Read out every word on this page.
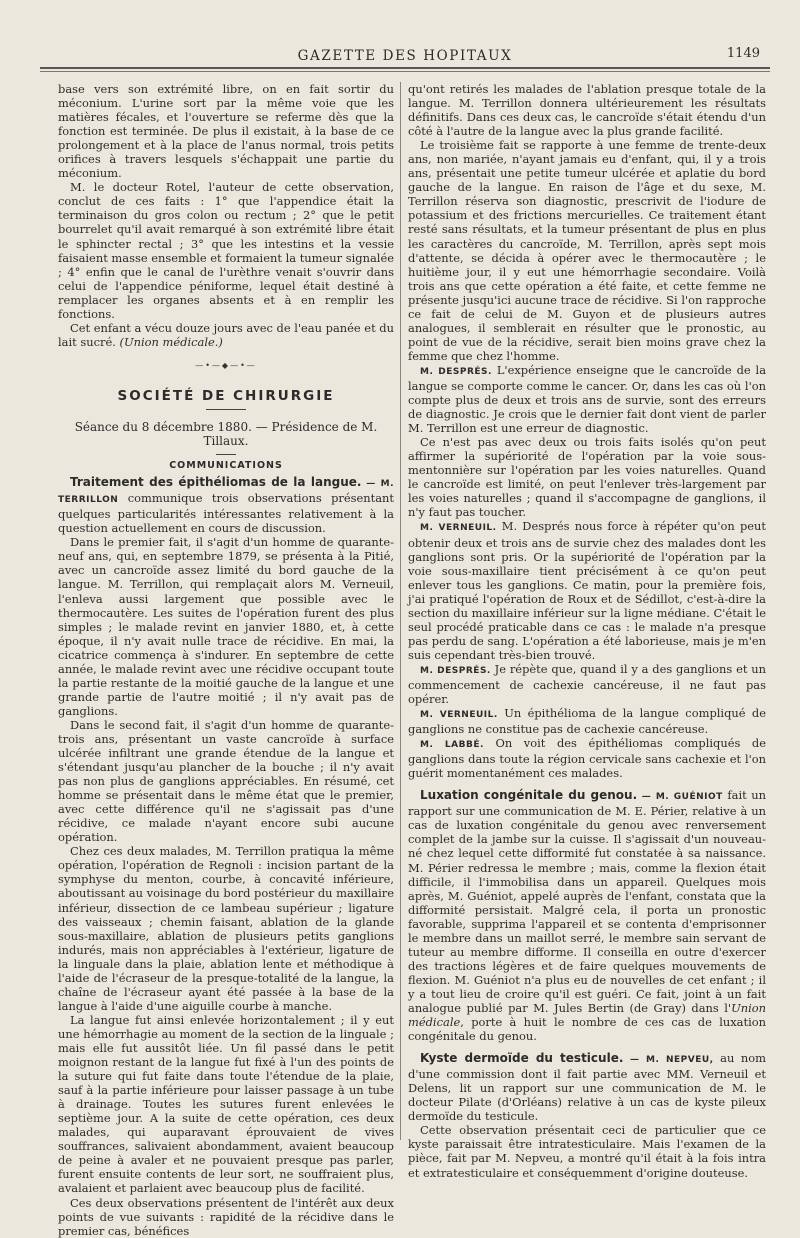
GAZETTE DES HOPITAUX	1149

base vers son extrémité libre, on en fait sortir du méconium. L'urine sort par la même voie que les matières fécales, et l'ouverture se referme dès que la fonction est terminée. De plus il existait, à la base de ce prolongement et à la place de l'anus normal, trois petits orifices à travers lesquels s'échappait une partie du méconium.

M. le docteur Rotel, l'auteur de cette observation, conclut de ces faits : 1° que l'appendice était la terminaison du gros colon ou rectum ; 2° que le petit bourrelet qu'il avait remarqué à son extrémité libre était le sphincter rectal ; 3° que les intestins et la vessie faisaient masse ensemble et formaient la tumeur signalée ; 4° enfin que le canal de l'urèthre venait s'ouvrir dans celui de l'appendice péniforme, lequel était destiné à remplacer les organes absents et à en remplir les fonctions.

Cet enfant a vécu douze jours avec de l'eau panée et du lait sucré. (Union médicale.)

—•—◆—•—
SOCIÉTÉ DE CHIRURGIE
Séance du 8 décembre 1880. — Présidence de M. Tillaux.
COMMUNICATIONS

Traitement des épithéliomas de la langue. — M. TERRILLON communique trois observations présentant quelques particularités intéressantes relativement à la question actuellement en cours de discussion.

Dans le premier fait, il s'agit d'un homme de quarante-neuf ans, qui, en septembre 1879, se présenta à la Pitié, avec un cancroïde assez limité du bord gauche de la langue. M. Terrillon, qui remplaçait alors M. Verneuil, l'enleva aussi largement que possible avec le thermocautère. Les suites de l'opération furent des plus simples ; le malade revint en janvier 1880, et, à cette époque, il n'y avait nulle trace de récidive. En mai, la cicatrice commença à s'indurer. En septembre de cette année, le malade revint avec une récidive occupant toute la partie restante de la moitié gauche de la langue et une grande partie de l'autre moitié ; il n'y avait pas de ganglions.

Dans le second fait, il s'agit d'un homme de quarante-trois ans, présentant un vaste cancroïde à surface ulcérée infiltrant une grande étendue de la langue et s'étendant jusqu'au plancher de la bouche ; il n'y avait pas non plus de ganglions appréciables. En résumé, cet homme se présentait dans le même état que le premier, avec cette différence qu'il ne s'agissait pas d'une récidive, ce malade n'ayant encore subi aucune opération.

Chez ces deux malades, M. Terrillon pratiqua la même opération, l'opération de Regnoli : incision partant de la symphyse du menton, courbe, à concavité inférieure, aboutissant au voisinage du bord postérieur du maxillaire inférieur, dissection de ce lambeau supérieur ; ligature des vaisseaux ; chemin faisant, ablation de la glande sous-maxillaire, ablation de plusieurs petits ganglions indurés, mais non appréciables à l'extérieur, ligature de la linguale dans la plaie, ablation lente et méthodique à l'aide de l'écraseur de la presque-totalité de la langue, la chaîne de l'écraseur ayant été passée à la base de la langue à l'aide d'une aiguille courbe à manche.

La langue fut ainsi enlevée horizontalement ; il y eut une hémorrhagie au moment de la section de la linguale ; mais elle fut aussitôt liée. Un fil passé dans le petit moignon restant de la langue fut fixé à l'un des points de la suture qui fut faite dans toute l'étendue de la plaie, sauf à la partie inférieure pour laisser passage à un tube à drainage. Toutes les sutures furent enlevées le septième jour. A la suite de cette opération, ces deux malades, qui auparavant éprouvaient de vives souffrances, salivaient abondamment, avaient beaucoup de peine à avaler et ne pouvaient presque pas parler, furent ensuite contents de leur sort, ne souffraient plus, avalaient et parlaient avec beaucoup plus de facilité.

Ces deux observations présentent de l'intérêt aux deux points de vue suivants : rapidité de la récidive dans le premier cas, bénéfices

qu'ont retirés les malades de l'ablation presque totale de la langue. M. Terrillon donnera ultérieurement les résultats définitifs. Dans ces deux cas, le cancroïde s'était étendu d'un côté à l'autre de la langue avec la plus grande facilité.

Le troisième fait se rapporte à une femme de trente-deux ans, non mariée, n'ayant jamais eu d'enfant, qui, il y a trois ans, présentait une petite tumeur ulcérée et aplatie du bord gauche de la langue. En raison de l'âge et du sexe, M. Terrillon réserva son diagnostic, prescrivit de l'iodure de potassium et des frictions mercurielles. Ce traitement étant resté sans résultats, et la tumeur présentant de plus en plus les caractères du cancroïde, M. Terrillon, après sept mois d'attente, se décida à opérer avec le thermocautère ; le huitième jour, il y eut une hémorrhagie secondaire. Voilà trois ans que cette opération a été faite, et cette femme ne présente jusqu'ici aucune trace de récidive. Si l'on rapproche ce fait de celui de M. Guyon et de plusieurs autres analogues, il semblerait en résulter que le pronostic, au point de vue de la récidive, serait bien moins grave chez la femme que chez l'homme.

M. DESPRÉS. L'expérience enseigne que le cancroïde de la langue se comporte comme le cancer. Or, dans les cas où l'on compte plus de deux et trois ans de survie, sont des erreurs de diagnostic. Je crois que le dernier fait dont vient de parler M. Terrillon est une erreur de diagnostic.

Ce n'est pas avec deux ou trois faits isolés qu'on peut affirmer la supériorité de l'opération par la voie sous-mentonnière sur l'opération par les voies naturelles. Quand le cancroïde est limité, on peut l'enlever très-largement par les voies naturelles ; quand il s'accompagne de ganglions, il n'y faut pas toucher.

M. VERNEUIL. M. Després nous force à répéter qu'on peut obtenir deux et trois ans de survie chez des malades dont les ganglions sont pris. Or la supériorité de l'opération par la voie sous-maxillaire tient précisément à ce qu'on peut enlever tous les ganglions. Ce matin, pour la première fois, j'ai pratiqué l'opération de Roux et de Sédillot, c'est-à-dire la section du maxillaire inférieur sur la ligne médiane. C'était le seul procédé praticable dans ce cas : le malade n'a presque pas perdu de sang. L'opération a été laborieuse, mais je m'en suis cependant très-bien trouvé.

M. DESPRÉS. Je répète que, quand il y a des ganglions et un commencement de cachexie cancéreuse, il ne faut pas opérer.

M. VERNEUIL. Un épithélioma de la langue compliqué de ganglions ne constitue pas de cachexie cancéreuse.

M. LABBÉ. On voit des épithéliomas compliqués de ganglions dans toute la région cervicale sans cachexie et l'on guérit momentanément ces malades.

Luxation congénitale du genou. — M. GUÉNIOT fait un rapport sur une communication de M. E. Périer, relative à un cas de luxation congénitale du genou avec renversement complet de la jambe sur la cuisse. Il s'agissait d'un nouveau-né chez lequel cette difformité fut constatée à sa naissance. M. Périer redressa le membre ; mais, comme la flexion était difficile, il l'immobilisa dans un appareil. Quelques mois après, M. Guéniot, appelé auprès de l'enfant, constata que la difformité persistait. Malgré cela, il porta un pronostic favorable, supprima l'appareil et se contenta d'emprisonner le membre dans un maillot serré, le membre sain servant de tuteur au membre difforme. Il conseilla en outre d'exercer des tractions légères et de faire quelques mouvements de flexion. M. Guéniot n'a plus eu de nouvelles de cet enfant ; il y a tout lieu de croire qu'il est guéri. Ce fait, joint à un fait analogue publié par M. Jules Bertin (de Gray) dans l'Union médicale, porte à huit le nombre de ces cas de luxation congénitale du genou.

Kyste dermoïde du testicule. — M. NEPVEU, au nom d'une commission dont il fait partie avec MM. Verneuil et Delens, lit un rapport sur une communication de M. le docteur Pilate (d'Orléans) relative à un cas de kyste pileux dermoïde du testicule.

Cette observation présentait ceci de particulier que ce kyste paraissait être intratesticulaire. Mais l'examen de la pièce, fait par M. Nepveu, a montré qu'il était à la fois intra et extratesticulaire et conséquemment d'origine douteuse.
